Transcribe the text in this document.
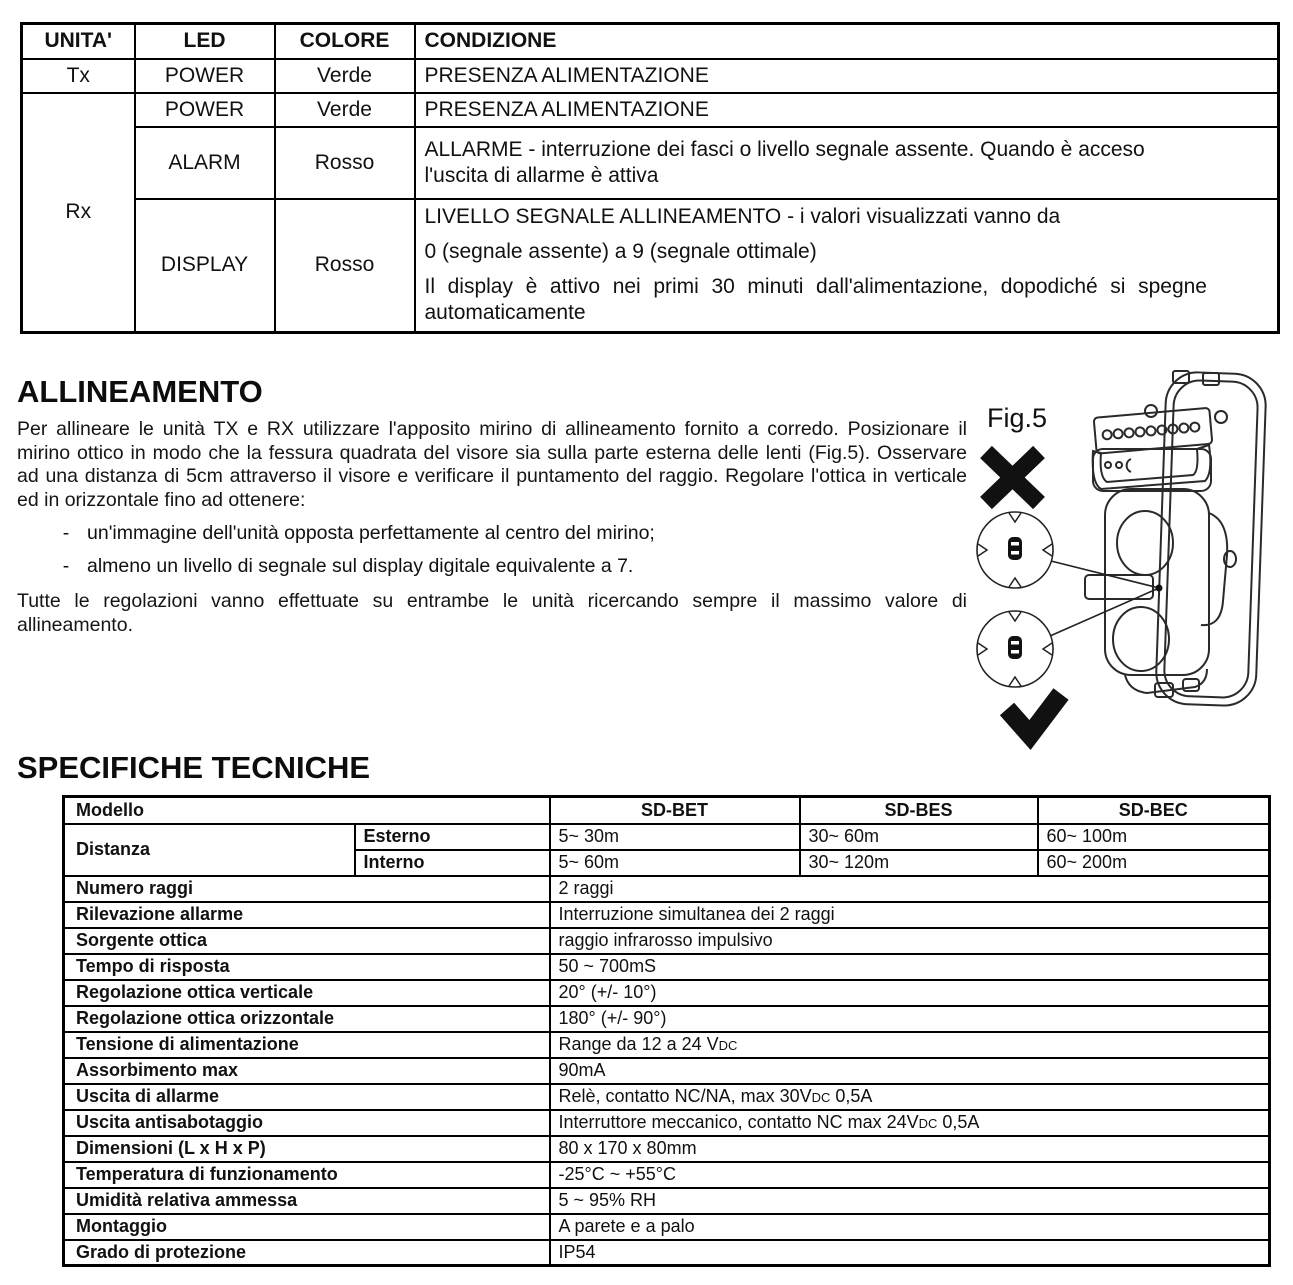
UNITA'	LED	COLORE	CONDIZIONE
Tx	POWER	Verde	PRESENZA ALIMENTAZIONE
Rx	POWER	Verde	PRESENZA ALIMENTAZIONE
	ALARM	Rosso	ALLARME - interruzione dei fasci o livello segnale assente. Quando è acceso l'uscita di allarme è attiva
	DISPLAY	Rosso	LIVELLO SEGNALE ALLINEAMENTO - i valori visualizzati vanno da
0 (segnale assente) a 9 (segnale ottimale)
Il display è attivo nei primi 30 minuti dall'alimentazione, dopodiché si spegne automaticamente
ALLINEAMENTO
Per allineare le unità TX e RX utilizzare l'apposito mirino di allineamento fornito a corredo. Posizionare il mirino ottico in modo che la fessura quadrata del visore sia sulla parte esterna delle lenti (Fig.5). Osservare ad una distanza di 5cm attraverso il visore e verificare il puntamento del raggio. Regolare l'ottica in verticale ed in orizzontale fino ad ottenere:
- un'immagine dell'unità opposta perfettamente al centro del mirino;
- almeno un livello di segnale sul display digitale equivalente a 7.
Tutte le regolazioni vanno effettuate su entrambe le unità ricercando sempre il massimo valore di allineamento.
Fig.5
SPECIFICHE TECNICHE
Modello		SD-BET	SD-BES	SD-BEC
Distanza	Esterno	5~ 30m	30~ 60m	60~ 100m
	Interno	5~ 60m	30~ 120m	60~ 200m
Numero raggi		2 raggi		
Rilevazione allarme		Interruzione simultanea dei 2 raggi		
Sorgente ottica		raggio infrarosso impulsivo		
Tempo di risposta		50 ~ 700mS		
Regolazione ottica verticale		20° (+/- 10°)		
Regolazione ottica orizzontale		180° (+/- 90°)		
Tensione di alimentazione		Range da 12 a 24 VDC		
Assorbimento max		90mA		
Uscita di allarme		Relè, contatto NC/NA, max 30VDC 0,5A		
Uscita antisabotaggio		Interruttore meccanico, contatto NC max 24VDC 0,5A		
Dimensioni (L x H x P)		80 x 170 x 80mm		
Temperatura di funzionamento		-25°C ~ +55°C		
Umidità relativa ammessa		5 ~ 95% RH		
Montaggio		A parete e a palo		
Grado di protezione		IP54		
